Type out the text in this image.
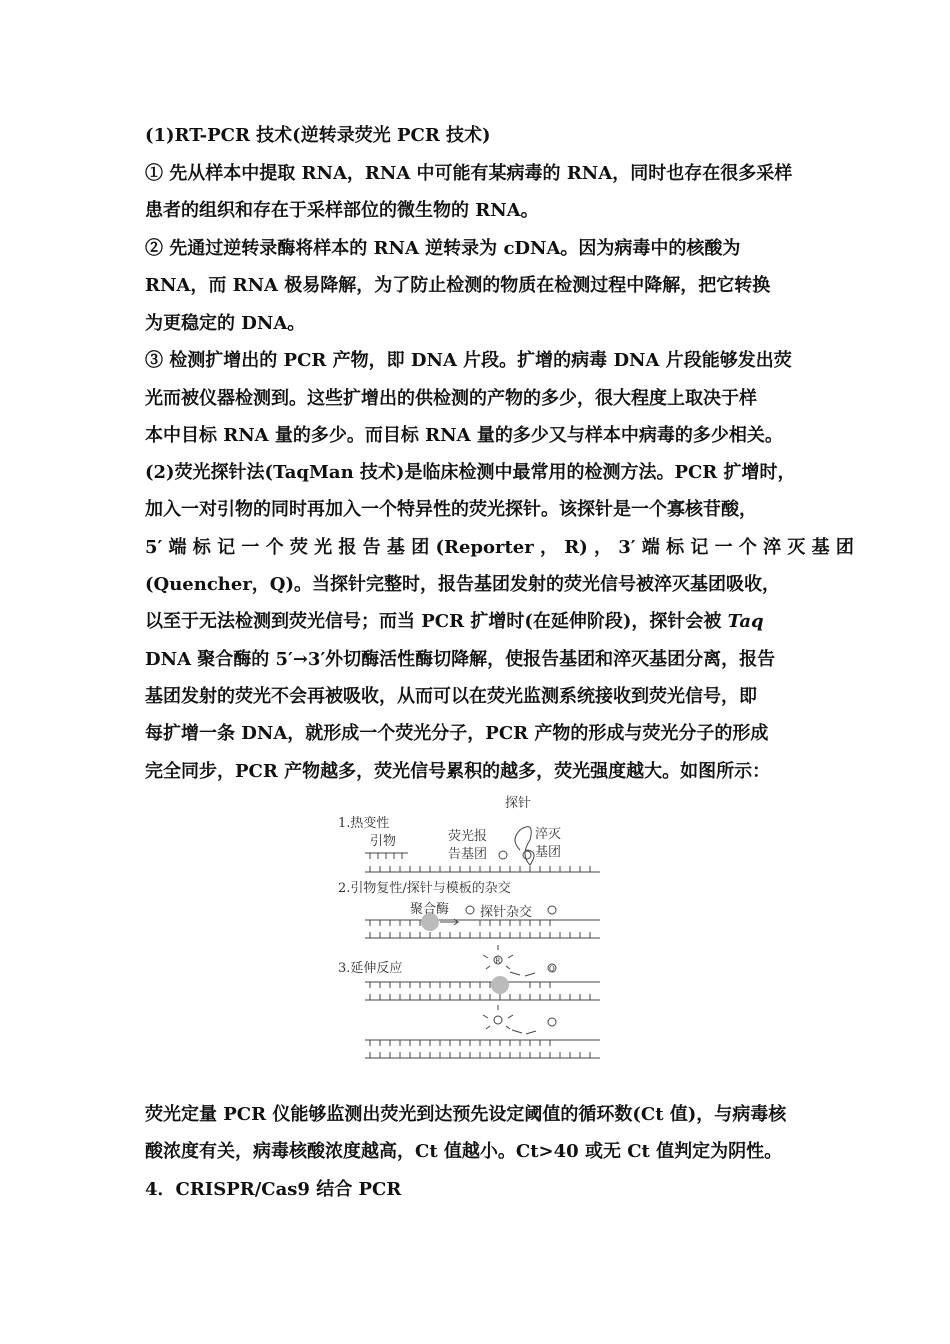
(1)RT-PCR 技术(逆转录荧光 PCR 技术)
① 先从样本中提取 RNA，RNA 中可能有某病毒的 RNA，同时也存在很多采样
患者的组织和存在于采样部位的微生物的 RNA。
② 先通过逆转录酶将样本的 RNA 逆转录为 cDNA。因为病毒中的核酸为
RNA，而 RNA 极易降解，为了防止检测的物质在检测过程中降解，把它转换
为更稳定的 DNA。
③ 检测扩增出的 PCR 产物，即 DNA 片段。扩增的病毒 DNA 片段能够发出荧
光而被仪器检测到。这些扩增出的供检测的产物的多少，很大程度上取决于样
本中目标 RNA 量的多少。而目标 RNA 量的多少又与样本中病毒的多少相关。
(2)荧光探针法(TaqMan 技术)是临床检测中最常用的检测方法。PCR 扩增时，
加入一对引物的同时再加入一个特异性的荧光探针。该探针是一个寡核苷酸，
5′ 端 标 记 一 个 荧 光 报 告 基 团 (Reporter ， R) ， 3′ 端 标 记 一 个 淬 灭 基 团
(Quencher，Q)。当探针完整时，报告基团发射的荧光信号被淬灭基团吸收，
以至于无法检测到荧光信号；而当 PCR 扩增时(在延伸阶段)，探针会被 Taq
DNA 聚合酶的 5′→3′外切酶活性酶切降解，使报告基团和淬灭基团分离，报告
基团发射的荧光不会再被吸收，从而可以在荧光监测系统接收到荧光信号，即
每扩增一条 DNA，就形成一个荧光分子，PCR 产物的形成与荧光分子的形成
完全同步，PCR 产物越多，荧光信号累积的越多，荧光强度越大。如图所示：
探针
1.热变性
引物	荧光报
告基团
淬灭
基团
2.引物复性/探针与模板的杂交
聚合酶 探针杂交
3.延伸反应	R
Q
荧光定量 PCR 仪能够监测出荧光到达预先设定阈值的循环数(Ct 值)，与病毒核
酸浓度有关，病毒核酸浓度越高，Ct 值越小。Ct>40 或无 Ct 值判定为阴性。
4．CRISPR/Cas9 结合 PCR
